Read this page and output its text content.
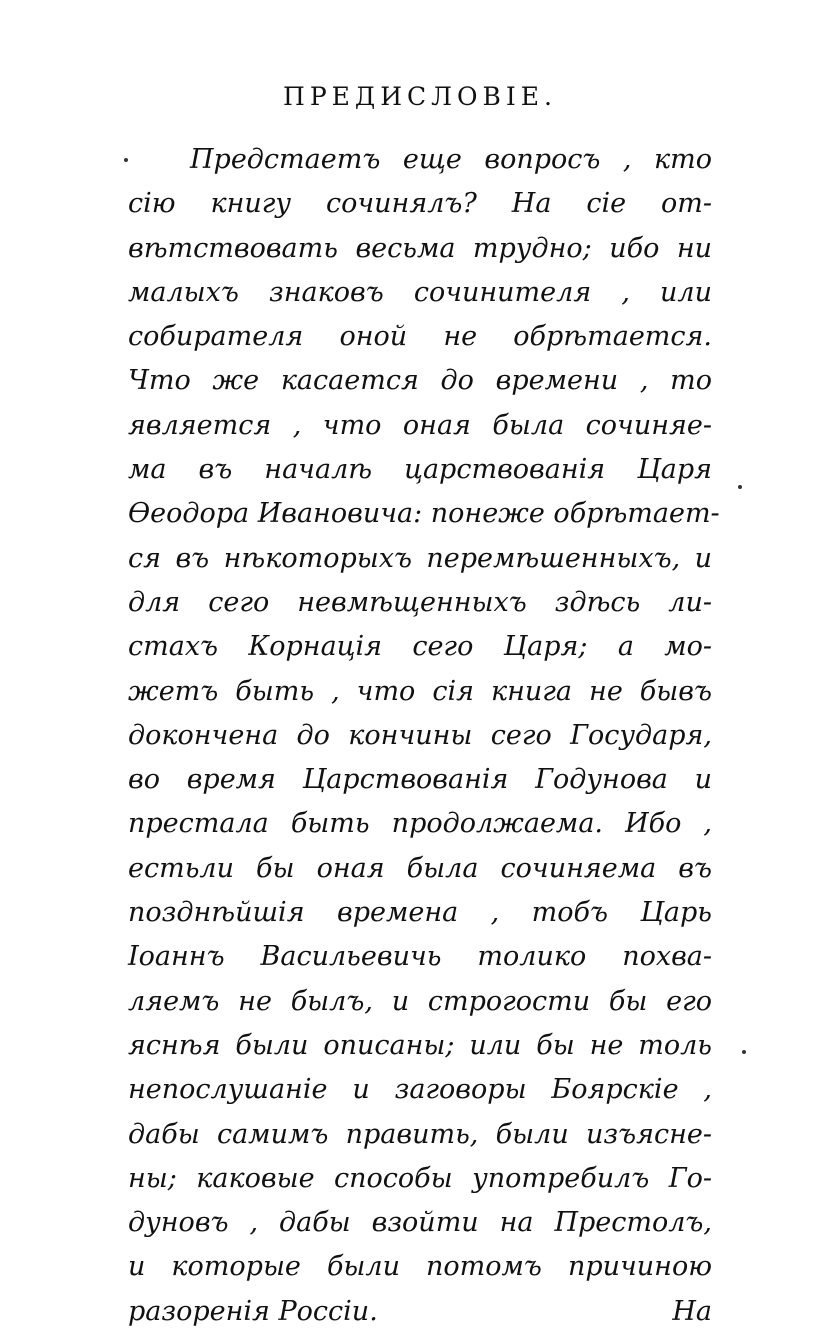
ПРЕДИСЛОВІЕ.
Предстаетъ еще вопросъ , кто
сію книгу сочинялъ? На сіе от-
вѣтствовать весьма трудно; ибо ни
малыхъ знаковъ сочинителя , или
собирателя оной не обрѣтается.
Что же касается до времени , то
является , что оная была сочиняе-
ма въ началѣ царствованія Царя
Ѳеодора Ивановича: понеже обрѣтает-
ся въ нѣкоторыхъ перемѣшенныхъ, и
для сего невмѣщенныхъ здѣсь ли-
стахъ Корнація сего Царя; а мо-
жетъ быть , что сія книга не бывъ
докончена до кончины сего Государя,
во время Царствованія Годунова и
престала быть продолжаема. Ибо ,
естьли бы оная была сочиняема въ
позднѣйшія времена , тобъ Царь
Іоаннъ Васильевичь толико похва-
ляемъ не былъ, и строгости бы его
яснѣя были описаны; или бы не толь
непослушаніе и заговоры Боярскіе ,
дабы самимъ править, были изъясне-
ны; каковые способы употребилъ Го-
дуновъ , дабы взойти на Престолъ,
и которые были потомъ причиною
разоренія Россіи.	На
